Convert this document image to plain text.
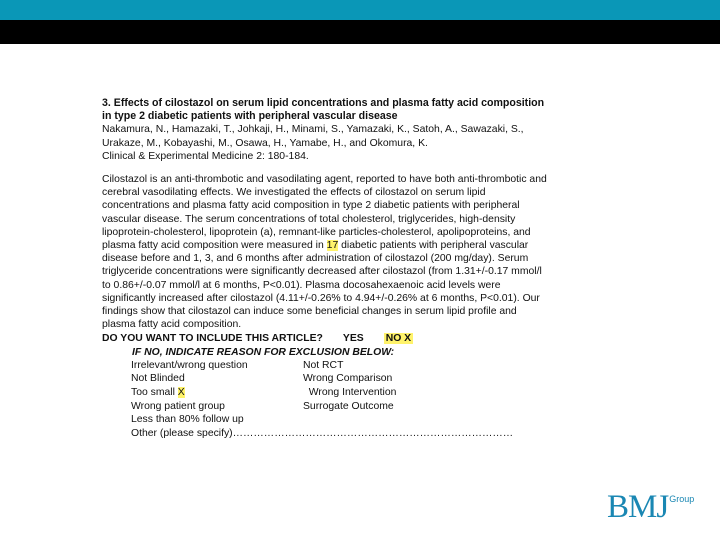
3. Effects of cilostazol on serum lipid concentrations and plasma fatty acid composition in type 2 diabetic patients with peripheral vascular disease

Nakamura, N., Hamazaki, T., Johkaji, H., Minami, S., Yamazaki, K., Satoh, A., Sawazaki, S., Urakaze, M., Kobayashi, M., Osawa, H., Yamabe, H., and Okomura, K.

Clinical & Experimental Medicine 2: 180-184.

Cilostazol is an anti-thrombotic and vasodilating agent, reported to have both anti-thrombotic and cerebral vasodilating effects. We investigated the effects of cilostazol on serum lipid concentrations and plasma fatty acid composition in type 2 diabetic patients with peripheral vascular disease. The serum concentrations of total cholesterol, triglycerides, high-density lipoprotein-cholesterol, lipoprotein (a), remnant-like particles-cholesterol, apolipoproteins, and plasma fatty acid composition were measured in 17 diabetic patients with peripheral vascular disease before and 1, 3, and 6 months after administration of cilostazol (200 mg/day). Serum triglyceride concentrations were significantly decreased after cilostazol (from 1.31+/-0.17 mmol/l to 0.86+/-0.07 mmol/l at 6 months, P<0.01). Plasma docosahexaenoic acid levels were significantly increased after cilostazol (4.11+/-0.26% to 4.94+/-0.26% at 6 months, P<0.01). Our findings show that cilostazol can induce some beneficial changes in serum lipid profile and plasma fatty acid composition.

DO YOU WANT TO INCLUDE THIS ARTICLE? YES NO X
IF NO, INDICATE REASON FOR EXCLUSION BELOW:
Irrelevant/wrong question	Not RCT
Not Blinded	Wrong Comparison
Too small X	Wrong Intervention
Wrong patient group	Surrogate Outcome
Less than 80% follow up	
Other (please specify)………………………………………………………………………
BMJ Group
